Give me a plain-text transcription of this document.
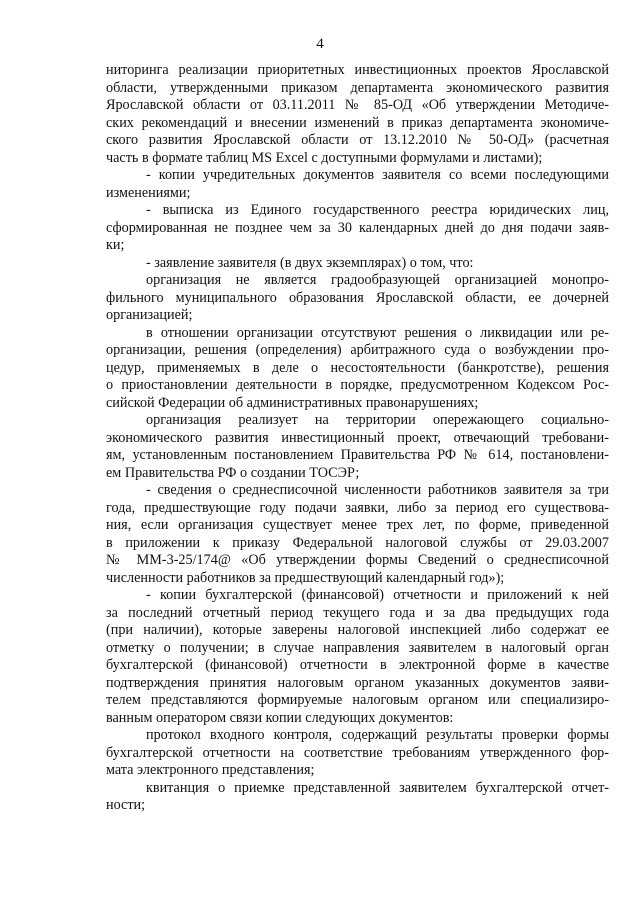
4
ниторинга реализации приоритетных инвестиционных проектов Ярославской
области, утвержденными приказом департамента экономического развития
Ярославской области от 03.11.2011 № 85-ОД «Об утверждении Методиче-
ских рекомендаций и внесении изменений в приказ департамента экономиче-
ского развития Ярославской области от 13.12.2010 № 50-ОД» (расчетная
часть в формате таблиц MS Excel с доступными формулами и листами);
- копии учредительных документов заявителя со всеми последующими
изменениями;
- выписка из Единого государственного реестра юридических лиц,
сформированная не позднее чем за 30 календарных дней до дня подачи заяв-
ки;
- заявление заявителя (в двух экземплярах) о том, что:
организация не является градообразующей организацией монопро-
фильного муниципального образования Ярославской области, ее дочерней
организацией;
в отношении организации отсутствуют решения о ликвидации или ре-
организации, решения (определения) арбитражного суда о возбуждении про-
цедур, применяемых в деле о несостоятельности (банкротстве), решения
о приостановлении деятельности в порядке, предусмотренном Кодексом Рос-
сийской Федерации об административных правонарушениях;
организация реализует на территории опережающего социально-
экономического развития инвестиционный проект, отвечающий требовани-
ям, установленным постановлением Правительства РФ № 614, постановлени-
ем Правительства РФ о создании ТОСЭР;
- сведения о среднесписочной численности работников заявителя за три
года, предшествующие году подачи заявки, либо за период его существова-
ния, если организация существует менее трех лет, по форме, приведенной
в приложении к приказу Федеральной налоговой службы от 29.03.2007
№ ММ-3-25/174@ «Об утверждении формы Сведений о среднесписочной
численности работников за предшествующий календарный год»);
- копии бухгалтерской (финансовой) отчетности и приложений к ней
за последний отчетный период текущего года и за два предыдущих года
(при наличии), которые заверены налоговой инспекцией либо содержат ее
отметку о получении; в случае направления заявителем в налоговый орган
бухгалтерской (финансовой) отчетности в электронной форме в качестве
подтверждения принятия налоговым органом указанных документов заяви-
телем представляются формируемые налоговым органом или специализиро-
ванным оператором связи копии следующих документов:
протокол входного контроля, содержащий результаты проверки формы
бухгалтерской отчетности на соответствие требованиям утвержденного фор-
мата электронного представления;
квитанция о приемке представленной заявителем бухгалтерской отчет-
ности;
